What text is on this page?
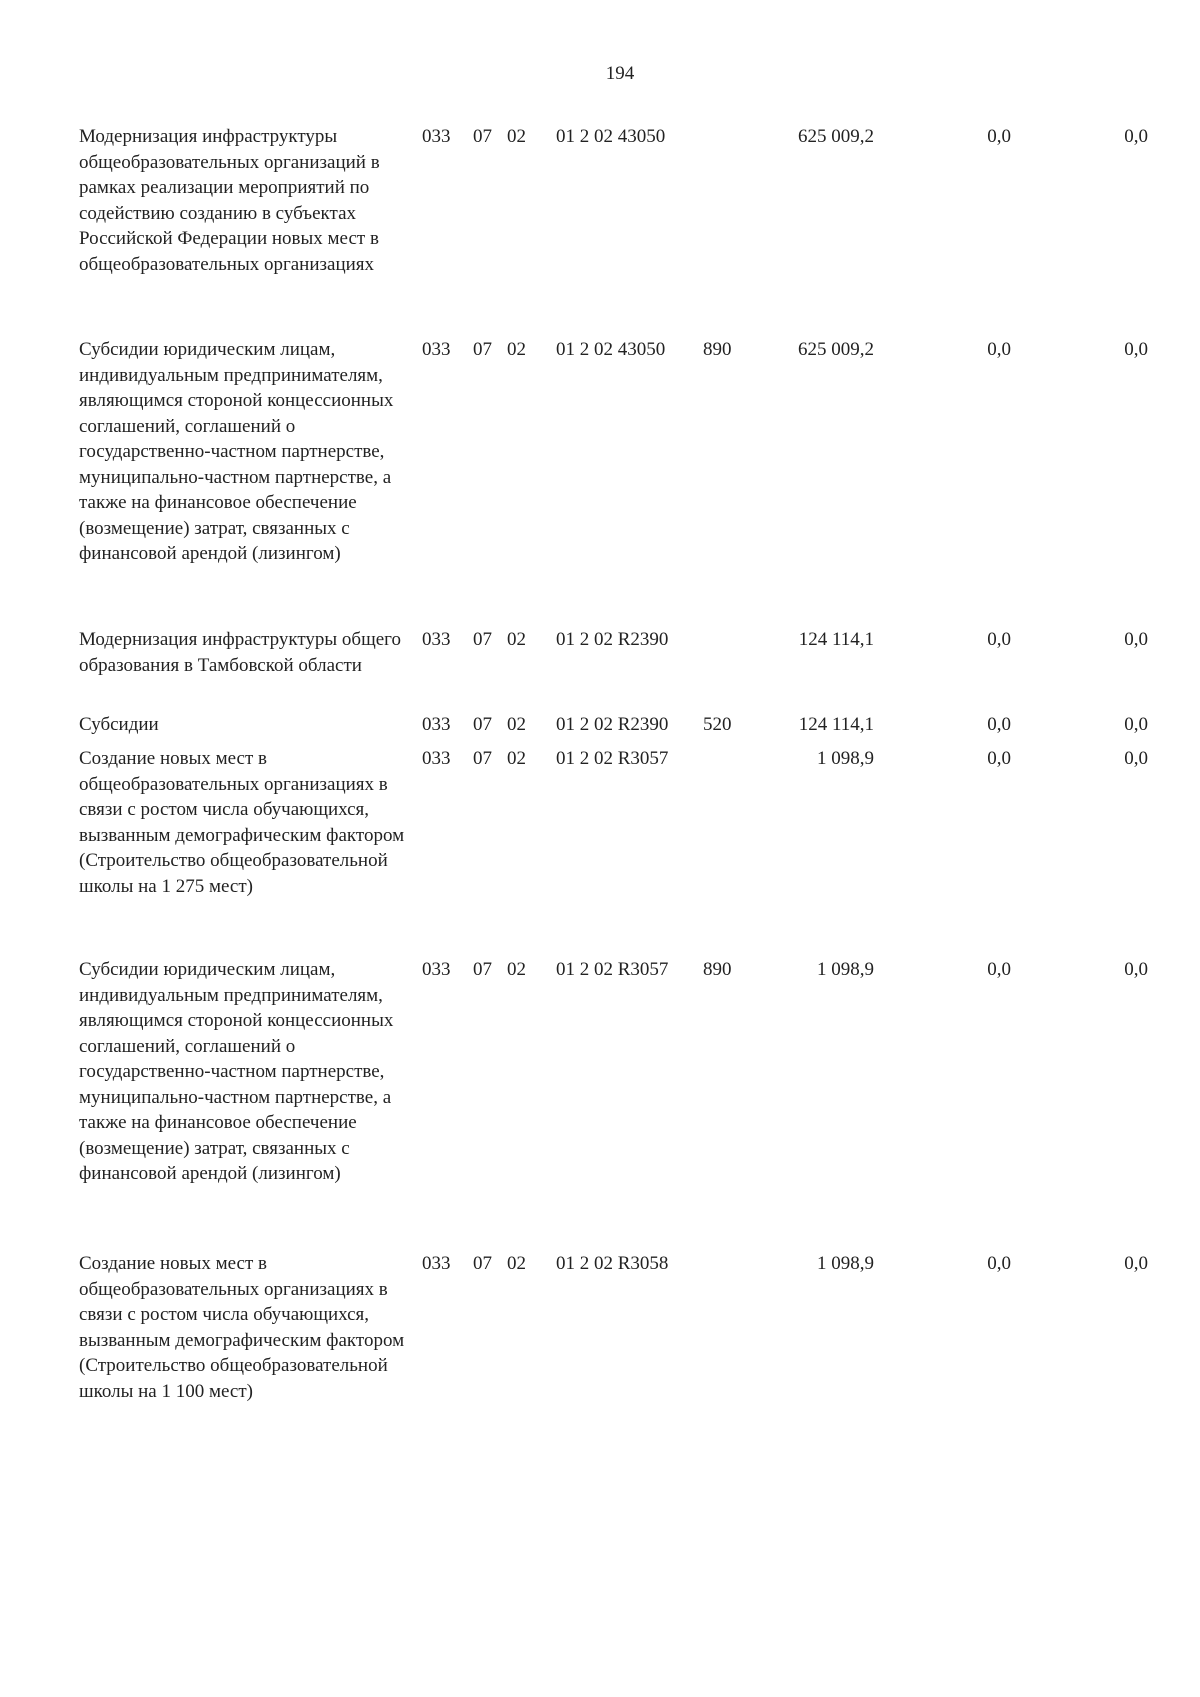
194
Модернизация инфраструктуры общеобразовательных организаций в рамках реализации мероприятий по содействию созданию в субъектах Российской Федерации новых мест в общеобразовательных организациях
033 07 02 01 2 02 43050	625 009,2	0,0	0,0
Субсидии юридическим лицам, индивидуальным предпринимателям, являющимся стороной концессионных соглашений, соглашений о государственно-частном партнерстве, муниципально-частном партнерстве, а также на финансовое обеспечение (возмещение) затрат, связанных с финансовой арендой (лизингом)
033 07 02 01 2 02 43050 890	625 009,2	0,0	0,0
Модернизация инфраструктуры общего образования в Тамбовской области
033 07 02 01 2 02 R2390	124 114,1	0,0	0,0
Субсидии	033 07 02 01 2 02 R2390 520	124 114,1	0,0	0,0
Создание новых мест в общеобразовательных организациях в связи с ростом числа обучающихся, вызванным демографическим фактором (Строительство общеобразовательной школы на 1 275 мест)
033 07 02 01 2 02 R3057	1 098,9	0,0	0,0
Субсидии юридическим лицам, индивидуальным предпринимателям, являющимся стороной концессионных соглашений, соглашений о государственно-частном партнерстве, муниципально-частном партнерстве, а также на финансовое обеспечение (возмещение) затрат, связанных с финансовой арендой (лизингом)
033 07 02 01 2 02 R3057 890	1 098,9	0,0	0,0
Создание новых мест в общеобразовательных организациях в связи с ростом числа обучающихся, вызванным демографическим фактором (Строительство общеобразовательной школы на 1 100 мест)
033 07 02 01 2 02 R3058	1 098,9	0,0	0,0
